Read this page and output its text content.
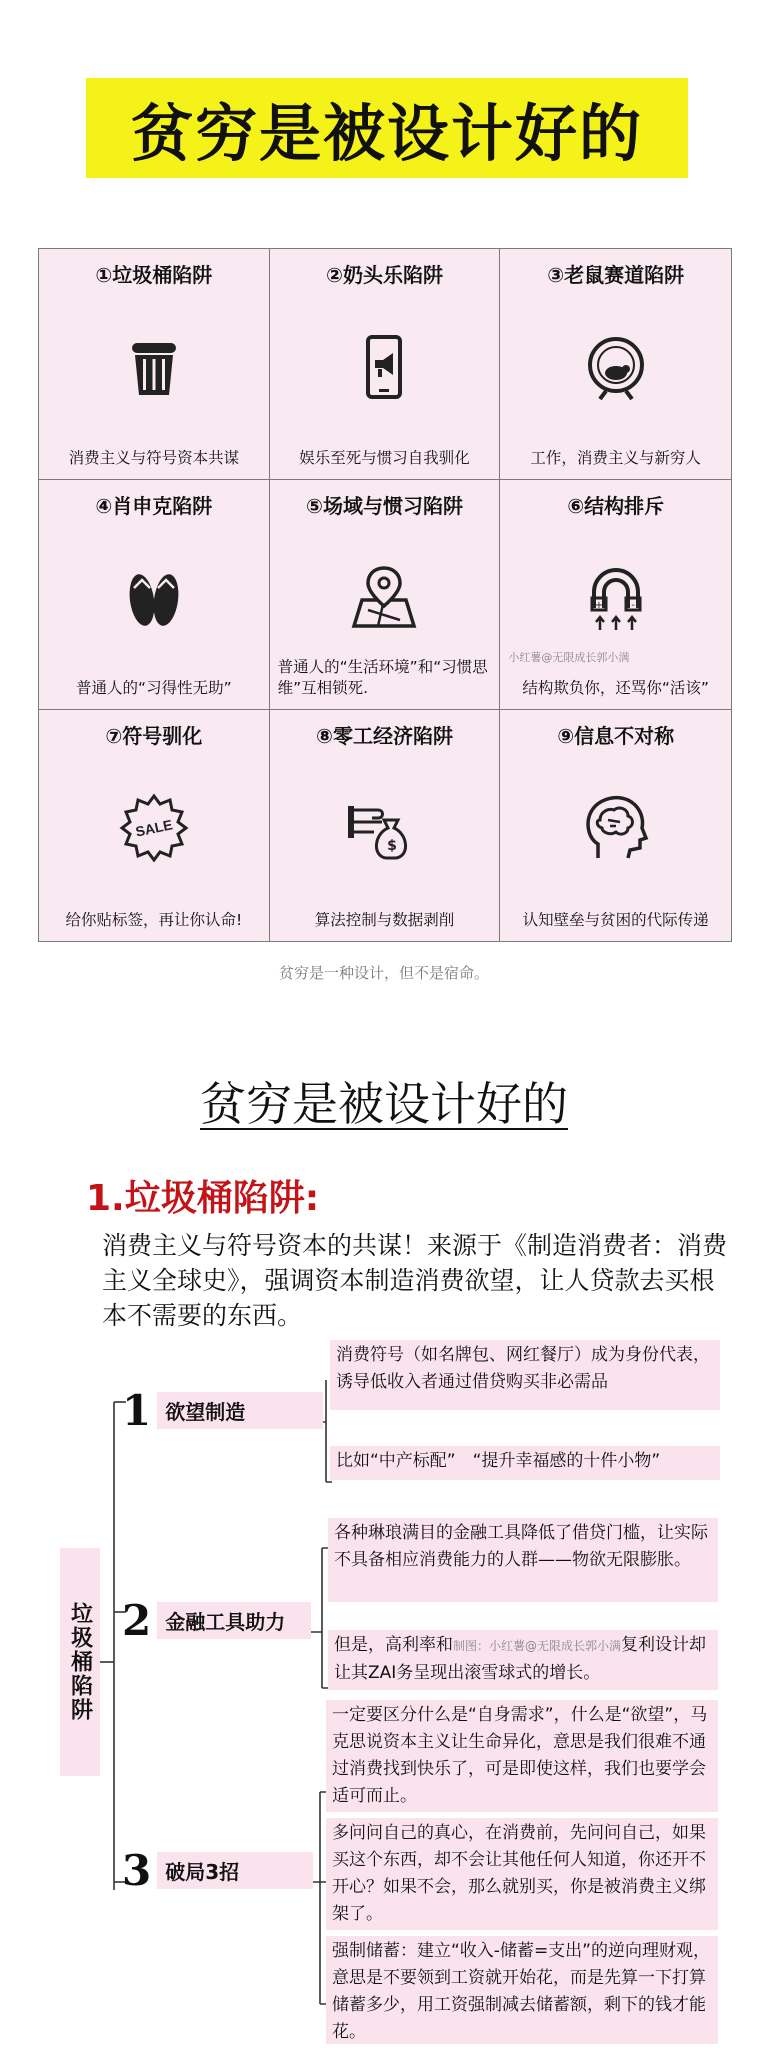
贫穷是被设计好的
①垃圾桶陷阱
消费主义与符号资本共谋
②奶头乐陷阱
娱乐至死与惯习自我驯化
③老鼠赛道陷阱
工作，消费主义与新穷人
④肖申克陷阱
普通人的“习得性无助”
⑤场域与惯习陷阱
普通人的“生活环境”和“习惯思维”互相锁死.
⑥结构排斥
+	-
小红薯@无限成长郭小满
结构欺负你，还骂你“活该”
⑦符号驯化
SALE
给你贴标签，再让你认命!
⑧零工经济陷阱
$
算法控制与数据剥削
⑨信息不对称
认知壁垒与贫困的代际传递
贫穷是一种设计，但不是宿命。
贫穷是被设计好的
1.垃圾桶陷阱:
消费主义与符号资本的共谋！来源于《制造消费者：消费主义全球史》，强调资本制造消费欲望，让人贷款去买根本不需要的东西。
垃圾桶陷阱
1 欲望制造
消费符号（如名牌包、网红餐厅）成为身份代表，诱导低收入者通过借贷购买非必需品
比如“中产标配”　“提升幸福感的十件小物”
2 金融工具助力
各种琳琅满目的金融工具降低了借贷门槛，让实际不具备相应消费能力的人群——物欲无限膨胀。
但是，高利率和制图：小红薯@无限成长郭小满复利设计却让其ZAI务呈现出滚雪球式的增长。
3 破局3招
一定要区分什么是“自身需求”，什么是“欲望”，马克思说资本主义让生命异化，意思是我们很难不通过消费找到快乐了，可是即使这样，我们也要学会适可而止。
多问问自己的真心，在消费前，先问问自己，如果买这个东西，却不会让其他任何人知道，你还开不开心？如果不会，那么就别买，你是被消费主义绑架了。
强制储蓄：建立“收入-储蓄=支出”的逆向理财观，意思是不要领到工资就开始花，而是先算一下打算储蓄多少，用工资强制减去储蓄额，剩下的钱才能花。
